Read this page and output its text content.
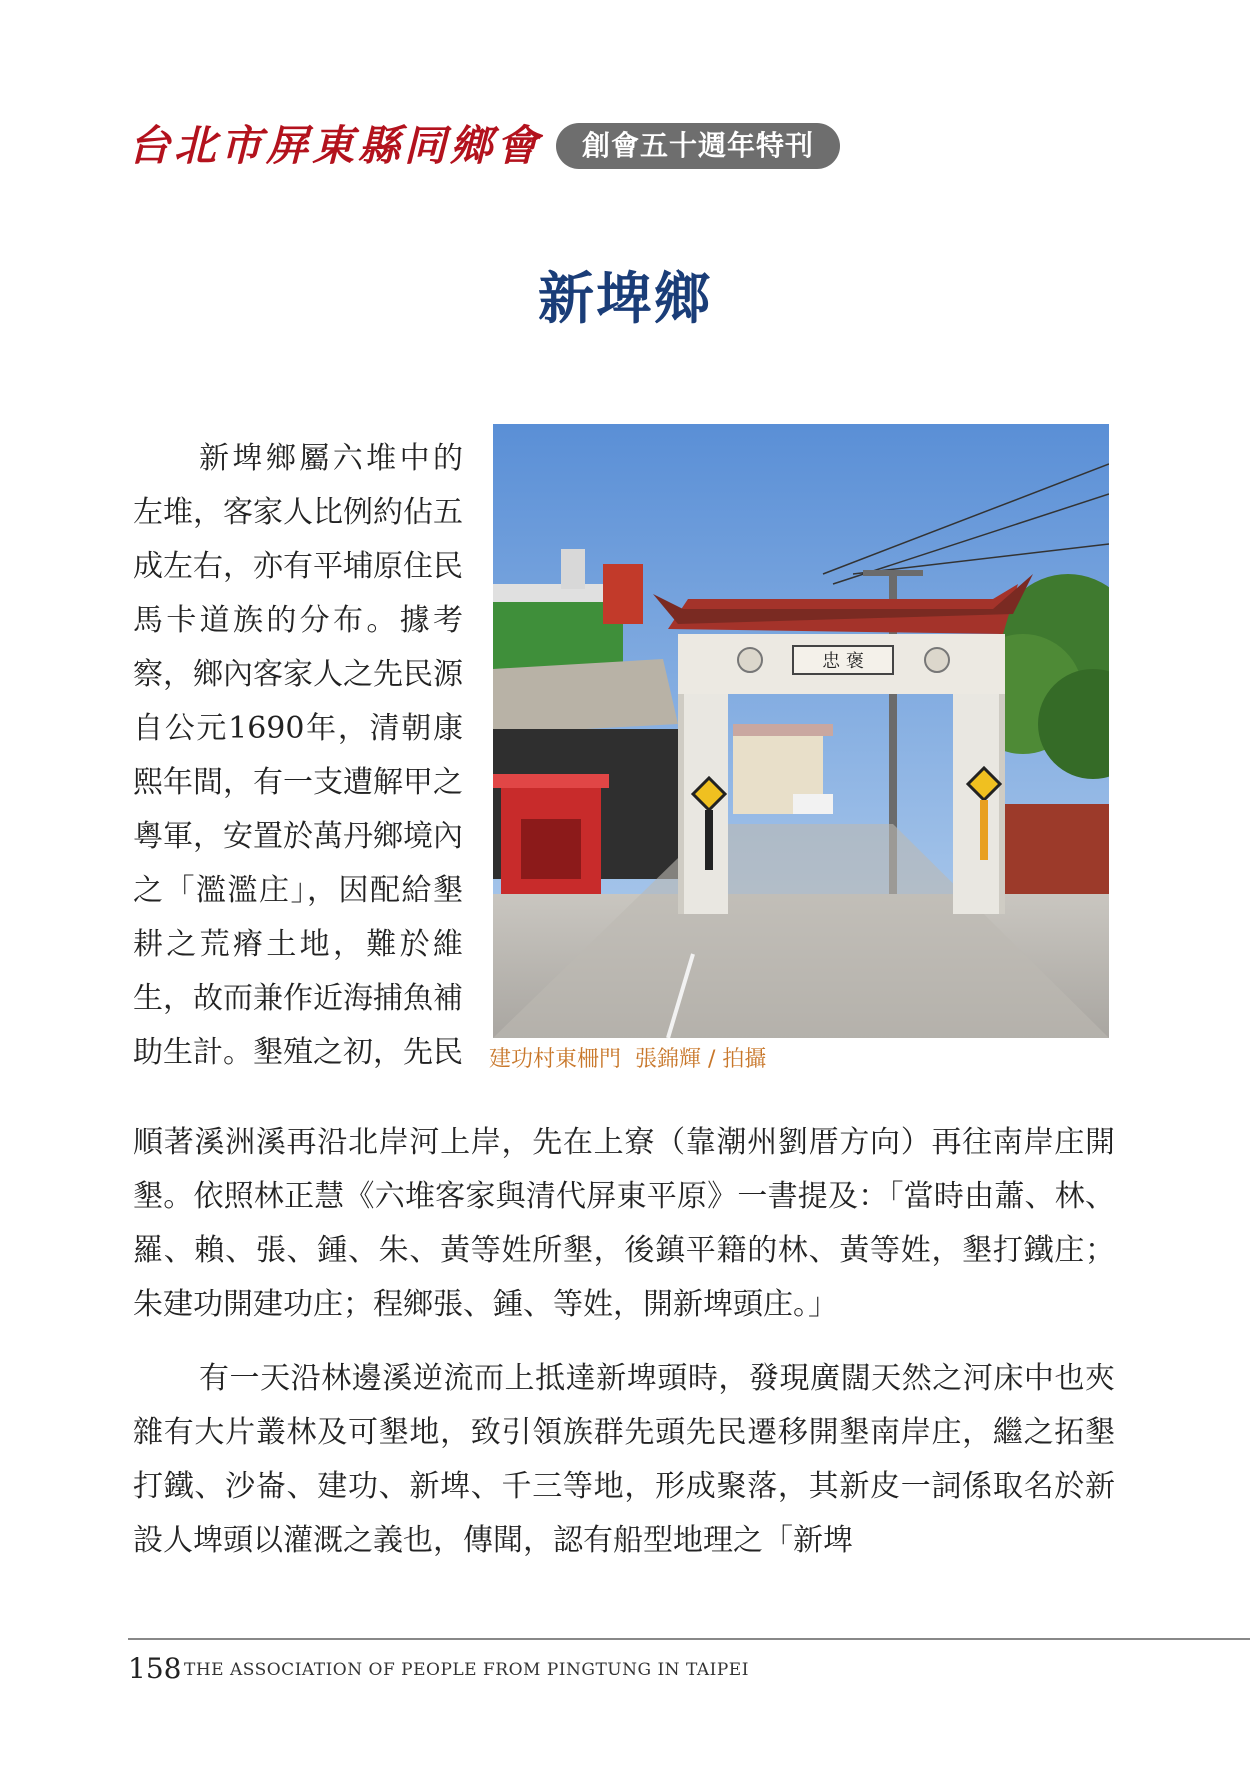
台北市屏東縣同鄉會	創會五十週年特刊
新埤鄉

新埤鄉屬六堆中的左堆，客家人比例約佔五成左右，亦有平埔原住民馬卡道族的分布。據考察，鄉內客家人之先民源自公元1690年，清朝康熙年間，有一支遭解甲之粵軍，安置於萬丹鄉境內之「濫濫庄」，因配給墾耕之荒瘠土地，難於維生，故而兼作近海捕魚補助生計。墾殖之初，先民

忠 褒
建功村東柵門  張錦輝 / 拍攝

順著溪洲溪再沿北岸河上岸，先在上寮（靠潮州劉厝方向）再往南岸庄開墾。依照林正慧《六堆客家與清代屏東平原》一書提及：「當時由蕭、林、羅、賴、張、鍾、朱、黃等姓所墾，後鎮平籍的林、黃等姓，墾打鐵庄；朱建功開建功庄；程鄉張、鍾、等姓，開新埤頭庄。」

有一天沿林邊溪逆流而上抵達新埤頭時，發現廣闊天然之河床中也夾雜有大片叢林及可墾地，致引領族群先頭先民遷移開墾南岸庄，繼之拓墾打鐵、沙崙、建功、新埤、千三等地，形成聚落，其新皮一詞係取名於新設人埤頭以灌溉之義也，傳聞，認有船型地理之「新埤

158 THE ASSOCIATION OF PEOPLE FROM PINGTUNG IN TAIPEI
